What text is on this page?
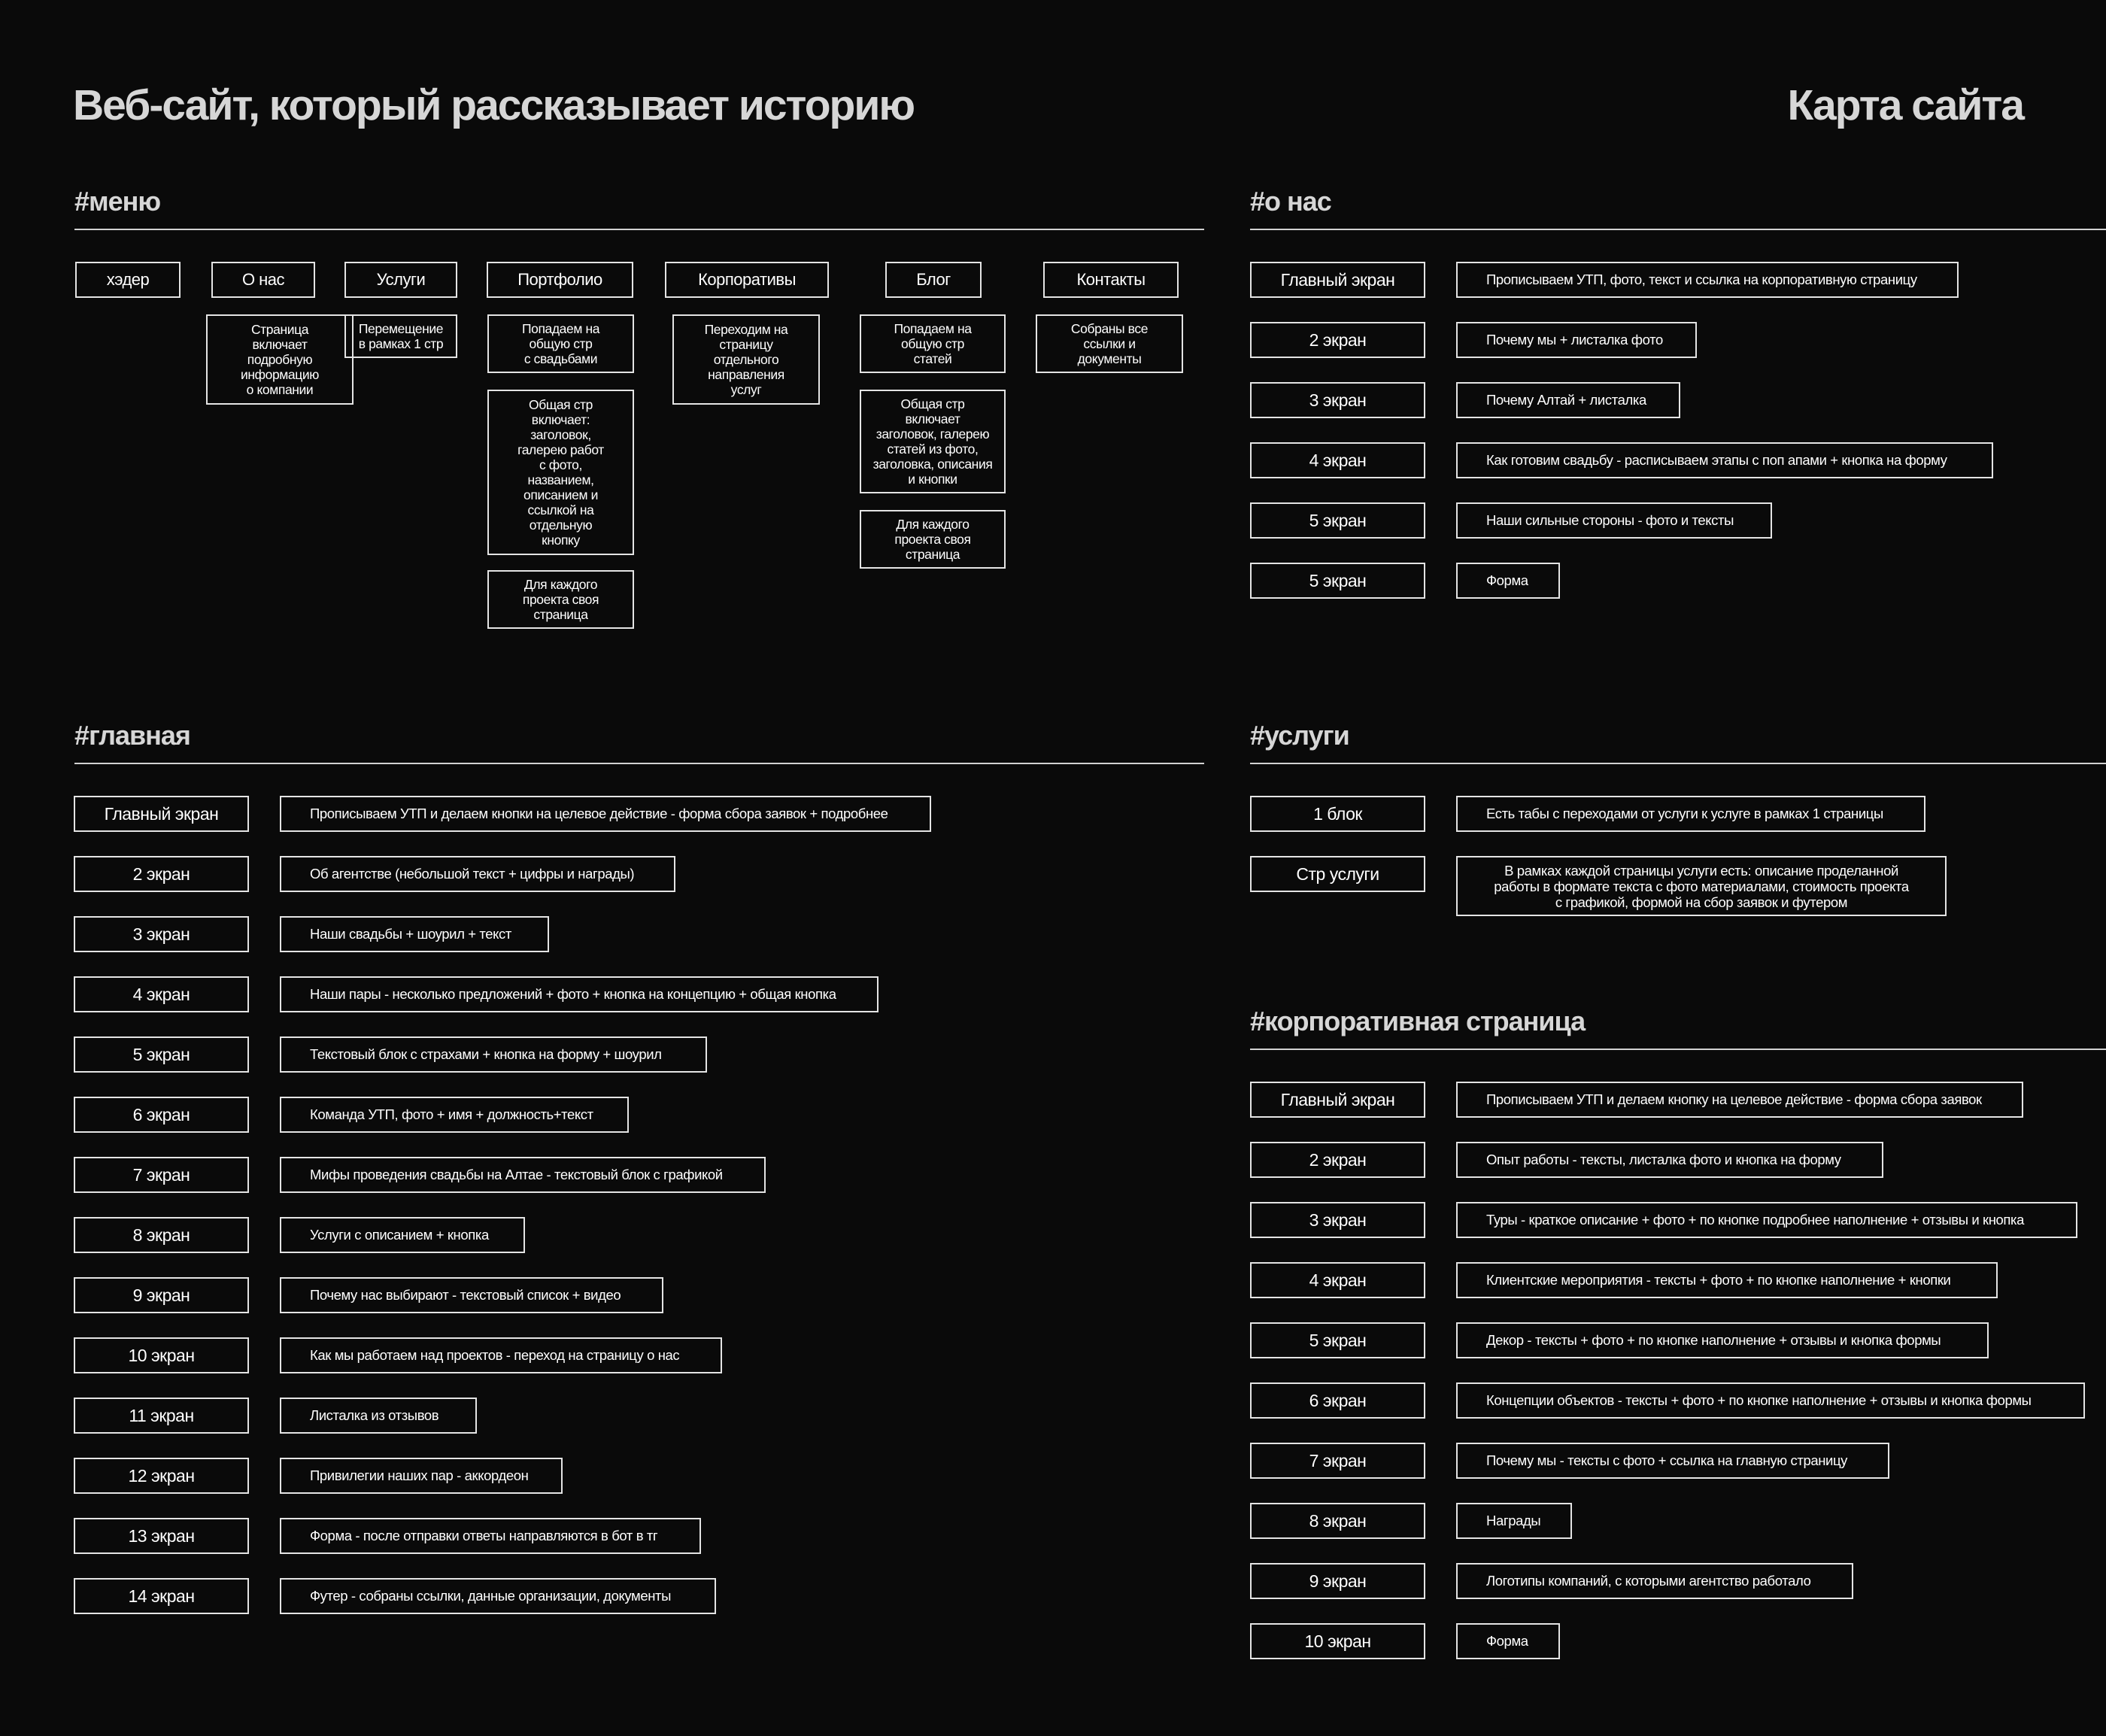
Веб-сайт, который рассказывает историю	Карта сайта
#меню
хэдер	О нас
Страница
включает
подробную
информацию
о компании
Услуги
Перемещение
в рамках 1 стр
Портфолио
Попадаем на
общую стр
с свадьбами
Общая стр
включает:
заголовок,
галерею работ
с фото,
названием,
описанием и
ссылкой на
отдельную
кнопку
Для каждого
проекта своя
страница
Корпоративы
Переходим на
страницу
отдельного
направления
услуг
Блог
Попадаем на
общую стр
статей
Общая стр
включает
заголовок, галерею
статей из фото,
заголовка, описания
и кнопки
Для каждого
проекта своя
страница
Контакты
Собраны все
ссылки и
документы
#о нас
Главный экран	Прописываем УТП, фото, текст и ссылка на корпоративную страницу
2 экран	Почему мы + листалка фото
3 экран	Почему Алтай + листалка
4 экран	Как готовим свадьбу - расписываем этапы с поп апами + кнопка на форму
5 экран	Наши сильные стороны - фото и тексты
5 экран	Форма
#главная
Главный экран	Прописываем УТП и делаем кнопки на целевое действие - форма сбора заявок + подробнее
2 экран	Об агентстве (небольшой текст + цифры и награды)
3 экран	Наши свадьбы + шоурил + текст
4 экран	Наши пары - несколько предложений + фото + кнопка на концепцию + общая кнопка
5 экран	Текстовый блок с страхами + кнопка на форму + шоурил
6 экран	Команда УТП, фото + имя + должность+текст
7 экран	Мифы проведения свадьбы на Алтае - текстовый блок с графикой
8 экран	Услуги с описанием + кнопка
9 экран	Почему нас выбирают - текстовый список + видео
10 экран	Как мы работаем над проектов - переход на страницу о нас
11 экран	Листалка из отзывов
12 экран	Привилегии наших пар - аккордеон
13 экран	Форма - после отправки ответы направляются в бот в тг
14 экран	Футер - собраны ссылки, данные организации, документы
#услуги
1 блок	Есть табы с переходами от услуги к услуге в рамках 1 страницы
Стр услуги	В рамках каждой страницы услуги есть: описание проделанной
работы в формате текста с фото материалами, стоимость проекта
с графикой, формой на сбор заявок и футером
#корпоративная страница
Главный экран	Прописываем УТП и делаем кнопку на целевое действие - форма сбора заявок
2 экран	Опыт работы - тексты, листалка фото и кнопка на форму
3 экран	Туры - краткое описание + фото + по кнопке подробнее наполнение + отзывы и кнопка
4 экран	Клиентские мероприятия - тексты + фото + по кнопке наполнение + кнопки
5 экран	Декор - тексты + фото + по кнопке наполнение + отзывы и кнопка формы
6 экран	Концепции объектов - тексты + фото + по кнопке наполнение + отзывы и кнопка формы
7 экран	Почему мы - тексты с фото + ссылка на главную страницу
8 экран	Награды
9 экран	Логотипы компаний, с которыми агентство работало
10 экран	Форма
